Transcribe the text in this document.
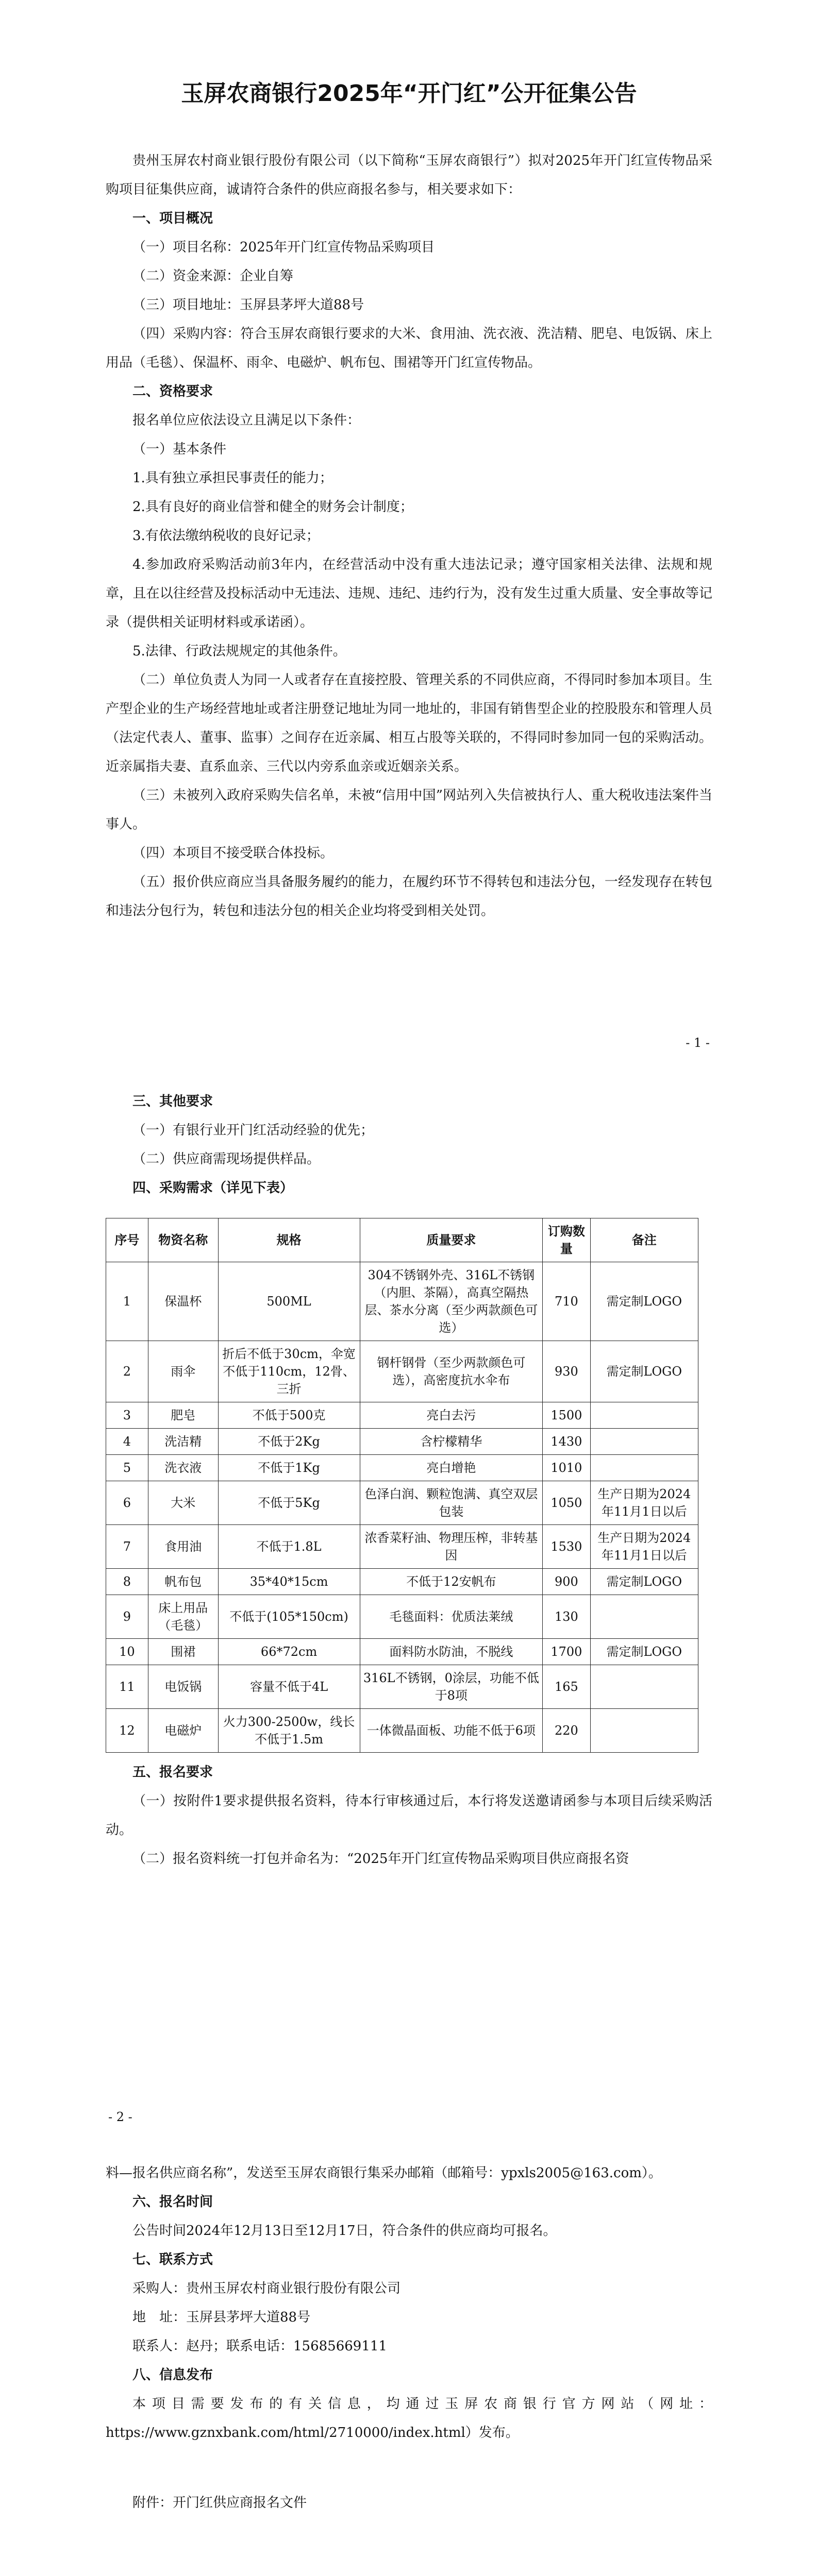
玉屏农商银行2025年“开门红”公开征集公告

贵州玉屏农村商业银行股份有限公司（以下简称“玉屏农商银行”）拟对2025年开门红宣传物品采购项目征集供应商，诚请符合条件的供应商报名参与，相关要求如下：

一、项目概况

（一）项目名称：2025年开门红宣传物品采购项目

（二）资金来源：企业自筹

（三）项目地址：玉屏县茅坪大道88号

（四）采购内容：符合玉屏农商银行要求的大米、食用油、洗衣液、洗洁精、肥皂、电饭锅、床上用品（毛毯）、保温杯、雨伞、电磁炉、帆布包、围裙等开门红宣传物品。

二、资格要求

报名单位应依法设立且满足以下条件：

（一）基本条件

1.具有独立承担民事责任的能力；

2.具有良好的商业信誉和健全的财务会计制度；

3.有依法缴纳税收的良好记录；

4.参加政府采购活动前3年内，在经营活动中没有重大违法记录；遵守国家相关法律、法规和规章，且在以往经营及投标活动中无违法、违规、违纪、违约行为，没有发生过重大质量、安全事故等记录（提供相关证明材料或承诺函）。

5.法律、行政法规规定的其他条件。

（二）单位负责人为同一人或者存在直接控股、管理关系的不同供应商，不得同时参加本项目。生产型企业的生产场经营地址或者注册登记地址为同一地址的，非国有销售型企业的控股股东和管理人员（法定代表人、董事、监事）之间存在近亲属、相互占股等关联的，不得同时参加同一包的采购活动。近亲属指夫妻、直系血亲、三代以内旁系血亲或近姻亲关系。

（三）未被列入政府采购失信名单，未被“信用中国”网站列入失信被执行人、重大税收违法案件当事人。

（四）本项目不接受联合体投标。

（五）报价供应商应当具备服务履约的能力，在履约环节不得转包和违法分包，一经发现存在转包和违法分包行为，转包和违法分包的相关企业均将受到相关处罚。

- 1 -
三、其他要求

（一）有银行业开门红活动经验的优先；

（二）供应商需现场提供样品。

四、采购需求（详见下表）
序号	物资名称	规格	质量要求	订购数量	备注
1	保温杯	500ML	304不锈钢外壳、316L不锈钢（内胆、茶隔），高真空隔热层、茶水分离（至少两款颜色可选）	710	需定制LOGO
2	雨伞	折后不低于30cm，伞宽不低于110cm，12骨、三折	钢杆钢骨（至少两款颜色可选），高密度抗水伞布	930	需定制LOGO
3	肥皂	不低于500克	亮白去污	1500	
4	洗洁精	不低于2Kg	含柠檬精华	1430	
5	洗衣液	不低于1Kg	亮白增艳	1010	
6	大米	不低于5Kg	色泽白润、颗粒饱满、真空双层包装	1050	生产日期为2024年11月1日以后
7	食用油	不低于1.8L	浓香菜籽油、物理压榨，非转基因	1530	生产日期为2024年11月1日以后
8	帆布包	35*40*15cm	不低于12安帆布	900	需定制LOGO
9	床上用品（毛毯）	不低于(105*150cm)	毛毯面料：优质法莱绒	130	
10	围裙	66*72cm	面料防水防油，不脱线	1700	需定制LOGO
11	电饭锅	容量不低于4L	316L不锈钢，0涂层，功能不低于8项	165	
12	电磁炉	火力300-2500w，线长不低于1.5m	一体微晶面板、功能不低于6项	220	
五、报名要求

（一）按附件1要求提供报名资料，待本行审核通过后，本行将发送邀请函参与本项目后续采购活动。

（二）报名资料统一打包并命名为：“2025年开门红宣传物品采购项目供应商报名资

- 2 -

料—报名供应商名称”，发送至玉屏农商银行集采办邮箱（邮箱号：ypxls2005@163.com）。

六、报名时间

公告时间2024年12月13日至12月17日，符合条件的供应商均可报名。

七、联系方式

采购人：贵州玉屏农村商业银行股份有限公司

地　址：玉屏县茅坪大道88号

联系人：赵丹；联系电话：15685669111

八、信息发布

本项目需要发布的有关信息，均通过玉屏农商银行官方网站（网址：https://www.gznxbank.com/html/2710000/index.html）发布。

附件：开门红供应商报名文件
